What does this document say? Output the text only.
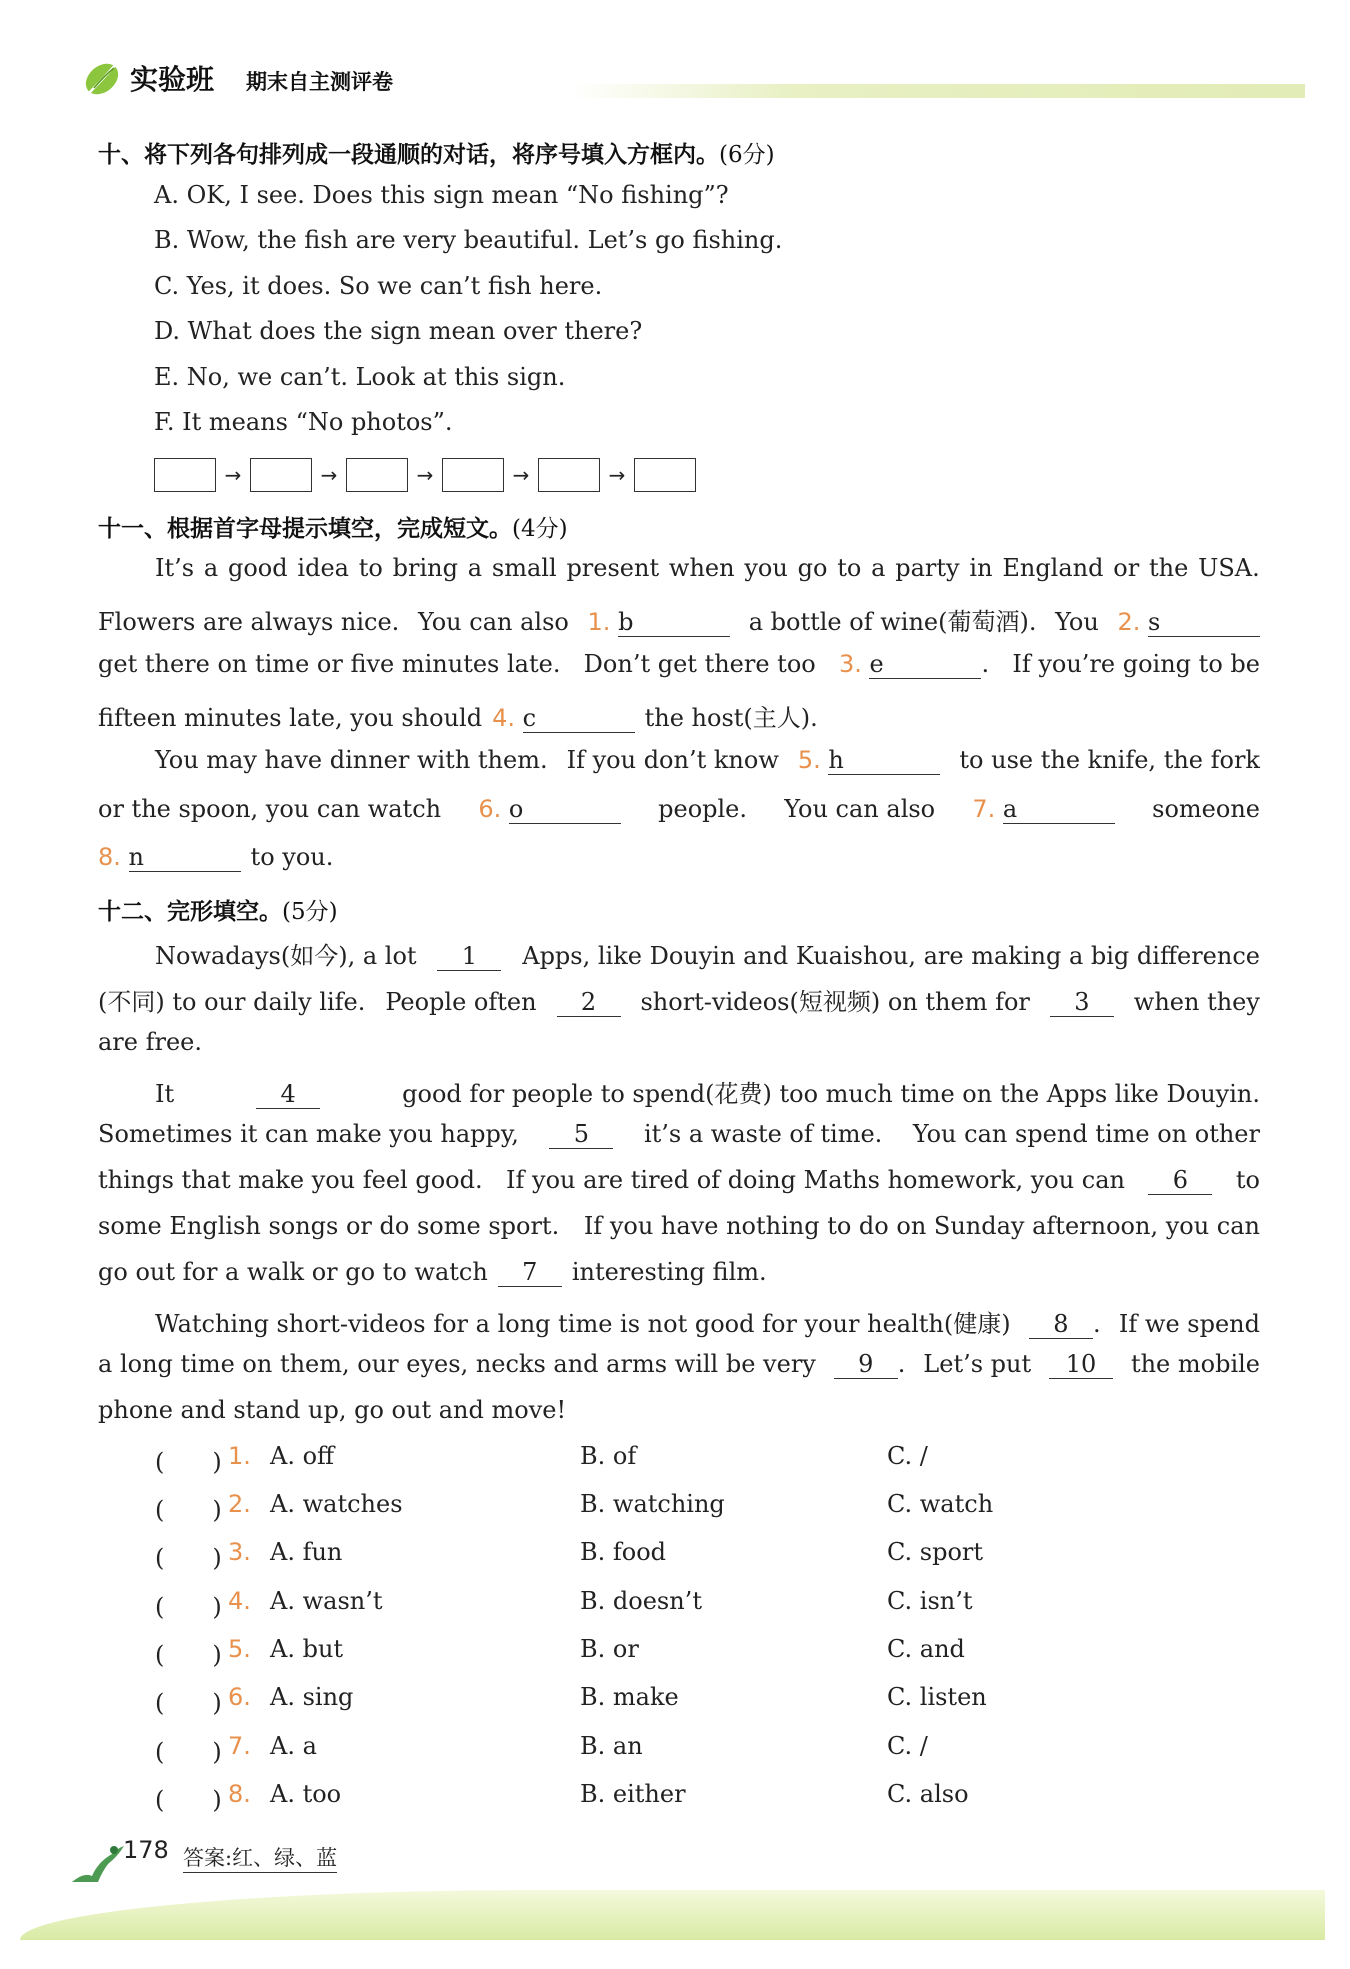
实验班 期末自主测评卷
十、将下列各句排列成一段通顺的对话，将序号填入方框内。(6分)
A. OK, I see. Does this sign mean “No fishing”?
B. Wow, the fish are very beautiful. Let’s go fishing.
C. Yes, it does. So we can’t fish here.
D. What does the sign mean over there?
E. No, we can’t. Look at this sign.
F. It means “No photos”.
→	→	→	→	→
十一、根据首字母提示填空，完成短文。(4分)
It’s a good idea to bring a small present when you go to a party in England or the USA.
Flowers are always nice. You can also 1. b	a bottle of wine(葡萄酒). You 2. s
get there on time or five minutes late. Don’t get there too 3. e	. If you’re going to be
fifteen minutes late, you should 4. c	the host(主人).
You may have dinner with them. If you don’t know 5. h	to use the knife, the fork
or the spoon, you can watch 6. o	people. You can also 7. a	someone
8. n	to you.
十二、完形填空。(5分)
Nowadays(如今), a lot	1	Apps, like Douyin and Kuaishou, are making a big difference
(不同) to our daily life. People often	2	short-videos(短视频) on them for	3	when they
are free.
It	4	good for people to spend(花费) too much time on the Apps like Douyin.
Sometimes it can make you happy,	5	it’s a waste of time. You can spend time on other
things that make you feel good. If you are tired of doing Maths homework, you can	6	to
some English songs or do some sport. If you have nothing to do on Sunday afternoon, you can
go out for a walk or go to watch	7	interesting film.
Watching short-videos for a long time is not good for your health(健康)	8 . If we spend
a long time on them, our eyes, necks and arms will be very	9 . Let’s put	10	the mobile
phone and stand up, go out and move!
(　　) 1. A. off	B. of	C. /
(　　) 2. A. watches	B. watching	C. watch
(　　) 3. A. fun	B. food	C. sport
(　　) 4. A. wasn’t	B. doesn’t	C. isn’t
(　　) 5. A. but	B. or	C. and
(　　) 6. A. sing	B. make	C. listen
(　　) 7. A. a	B. an	C. /
(　　) 8. A. too	B. either	C. also
178 答案:红、绿、蓝
